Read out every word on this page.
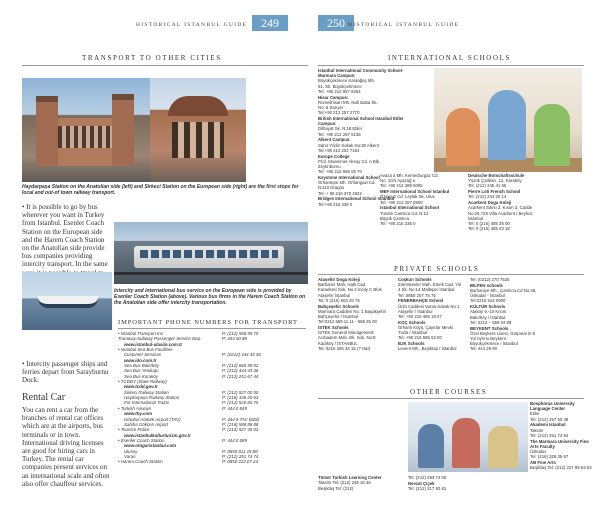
HISTORICAL ISTANBUL GUIDE	249	250 HISTORICAL ISTANBUL GUIDE
TRANSPORT TO OTHER CITIES
Haydarpaşa Station on the Anatolian side (left) and Sirkeci Station on the European side (right) are the first stops for local and out-of town railway transport.
• It is possible to go by bus wherever you want in Turkey from Istanbul. Esenler Coach Station on the European side and the Harem Coach Station on the Anatolian side provide bus companies providing intercity transport. In the same
Intercity and international bus service on the European side is provided by Esenler Coach Station (above). Various bus firms in the Harem Coach Station on the Anatolian side offer intercity transportation.
• Intercity passenger ships and ferries depart from Sarayburnu Dock.
Rental Car
You can rent a car from the branches of rental car offices which are at the airports, bus terminals or in town. International driving licenses are good for hiring cars in Turkey. The rental car companies present services on an international scale and often also offer chauffeur services.
IMPORTANT PHONE NUMBERS FOR TRANSPORT
• Istanbul Transport Inc.	P: (212) 568 99 70
Tramway-Subway Passenger Service Dep.	P: 444 00 88
www.istanbul-ulasim.com.tr
• Istanbul Sea Bus Facilities-
Customer Services	P: (0212) 444 44 36
www.ido.com.tr
Sea Bus Bakırköy	P: (212) 660 90 02
Sea Bus Yenikapı	P: (212) 444 44 36
Sea Bus Karaköy	P: (212) 251 67 44
• TCDDY (State Railway)
www.tcdd.gov.tr
Sirkeci Railway Station	P: (212) 527 00 50
Haydarpaşa Railway Station	P: (216) 336 20 63
For International Trains	P: (212) 520 65 75
• Turkish Airways	P: 444 0 849
www.thy.com
Istanbul Atatürk Airport (TAV)	P: 444 9 TAV (828)
Sabiha Gökçen Airport	P: (216) 588 88 88
• Tourism Police	P: (212) 527 45 03
www.istanbulkulturturizm.gov.tr
• Esenler Coach Station	P: 444 0 069
www.otogaristanbul.com
Ulusoy	P: 0850 811 18 88
Varan	P: (212) 251 74 74
• Harem Coach Station	P: 0850 222 07 24
INTERNATIONAL SCHOOLS
Istanbul International Community School-Marmara Campus:
Büyükçekmece Karaağaç Mh.
51. Sk. Büyükçekmece
Tel: +90 212 857 8264
Hisar Campus:
Rumelihisarı Mh. Nafi Baba Sk.
No: 6 Sarıyer
Tel:+90 212 257 2770
British International School Istanbul Etiler Campus:
Dilhayat Sk. N:18 Etiler
Tel: +90 212 257 5136
Alkent Campus:
Sahır Yıldız Sokak No:38 Alkent
Tel:+90 212 202 7164
Europe College
Prof. Muammer Aksoy Cd. A Blk.
Zeytinburnu
Tel: +90 212 665 05 70
Keystone International School
Orhantepe Mh. Orhangazi Cd.
N:110 Dragos
Tel: + 90 216 370 4922
Bridges International School Istanbul
Tel:+90 216 339 0
Avaza a Mh. Kemerburgaz Cd.
No: 10/1 Ayazağ a
Tel: +90 212 289 5005
MEF International School Istanbul
Öztopuz Cd. Leylak Sk. Ulus
Tel: +90 212 287 6900
Istanbul International School
Turanlı Camlıca Cd. N:12
Büyük Çamlıca
Tel: +90 216 335 0
Deutsche Botschaftsschule
Yüzük Çarkları, 12, Karaköy
Tel: (212) 245 41 66
Pierre Loti French School
Tel: (212) 244 26 14
Acarkent Doga Koleji
Acarkent Sitesi 3. Kısım 3. Cadde
No.25 729 Villa Acarkent / Beykoz
İstanbul
Tel: 0 (216) 485 35 00
Tel: 0 (216) 485 43 18
PRIVATE SCHOOLS
Ataşehir Doga Koleji
Barbaros Mah. Halk Cad.
Karaderel Sok. No 2 Incity C Blok
Ataşehir İstanbul
Tel: 0 (216) 663 20 75
Bahçeşehir Schools
Marmara Caddesi No. 1 Başakşehir
Bahçeşehir / İstanbul
Tel:0212 669 11 11 - 669 25 00
ISTEK Schools
ISTEK General Management:
Acıbadem Mah. Bk. Sok. No:8
Kadıköy / İSTANBUL
Tel: 0216 326 34 15 (7 Hat)
Coşkun Schools
Zümrütevler Mah. Emek Cad. Yol
4 Sk. No:14 Maltepe/ İstanbul
Tel: 0850 207 75 75
FENERBAHÇE School
Ünlü Caddesi Vursa Sokak No:1
Ataşehir / İstanbul
Tel: +90 216 466 19 07
KOÇ Schools
Orhanlı Köyü, Çayırlar Mevki
Tuzla / İstanbul
Tel: +90 216 585 62 00
BJK Schools
Levent Mh., Beşiktaş / İstanbul
Tel: (0212) 270 7525
BILFEN schools
Burhaniye Mh., Çamlıca Cd No:48,
Üsküdar - İstanbul
Tel:0216 544 0900
KÜLTÜR Schools
Ataköy 9.-10 Kısım
Bakırköy / İstanbul
Tel: 0212 – 559 04 88
BEYKENT Schools
Özel Beykent Lisesi, Gürpınar E-5
Yol Ayrımı Beykent
Büyükçekmece / İstanbul
Tel: 444 29 90
OTHER COURSES
Tömer Turkish Learning Center
Taksim Tel: (212) 249 15 46
Beşiktaş Tel: (212)
Tel: (212) 293 74 00
Nevzat Çiçek
Tel: (212) 217 92 81
Bosphorus University Language Center
Etiler
Tel: (212) 257 50 39
Akademi Istanbul
Taksim
Tel: (212) 251 74 84
The Marmara University Fine Arts Faculty
Üsküdar
Tel: (216) 326 35 67
AB Fine Arts
Beşiktaş Tel: (212) 227 89 53-54
